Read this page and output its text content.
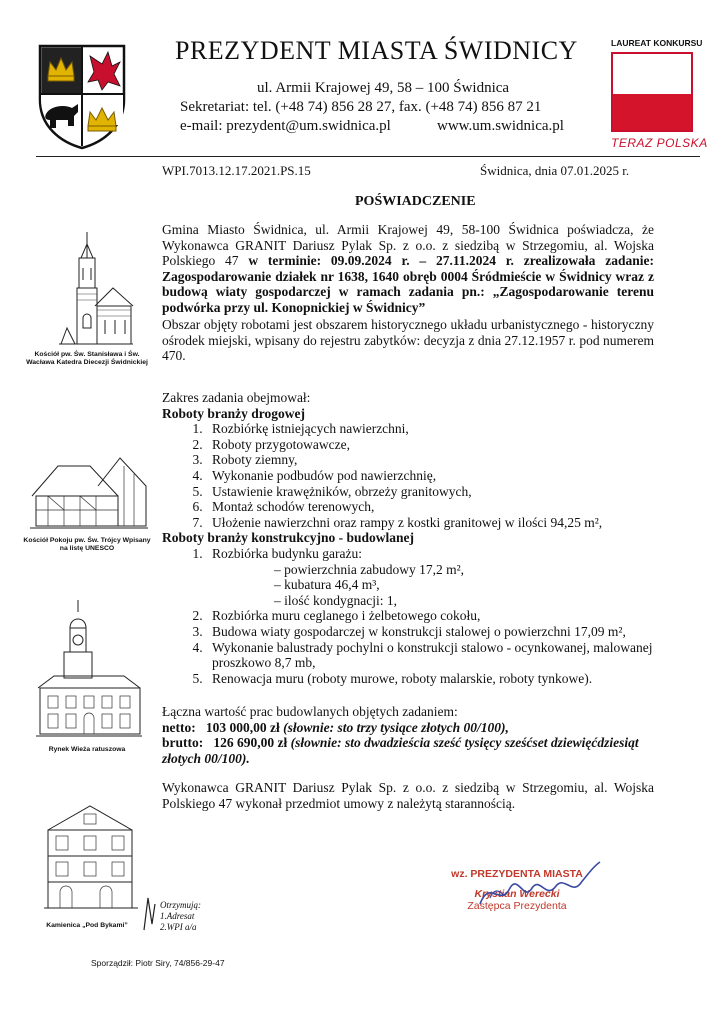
PREZYDENT MIASTA ŚWIDNICY
ul. Armii Krajowej 49, 58 – 100 Świdnica
Sekretariat: tel. (+48 74) 856 28 27, fax. (+48 74) 856 87 21
e-mail: prezydent@um.swidnica.pl	www.um.swidnica.pl
LAUREAT KONKURSU
TERAZ POLSKA
WPI.7013.12.17.2021.PS.15	Świdnica, dnia 07.01.2025 r.
POŚWIADCZENIE
Gmina Miasto Świdnica, ul. Armii Krajowej 49, 58-100 Świdnica poświadcza, że Wykonawca GRANIT Dariusz Pylak Sp. z o.o. z siedzibą w Strzegomiu, al. Wojska Polskiego 47 w terminie: 09.09.2024 r. – 27.11.2024 r. zrealizowała zadanie: Zagospodarowanie działek nr 1638, 1640 obręb 0004 Śródmieście w Świdnicy wraz z budową wiaty gospodarczej w ramach zadania pn.: „Zagospodarowanie terenu podwórka przy ul. Konopnickiej w Świdnicy”
Obszar objęty robotami jest obszarem historycznego układu urbanistycznego - historyczny ośrodek miejski, wpisany do rejestru zabytków: decyzja z dnia 27.12.1957 r. pod numerem 470.
Zakres zadania obejmował:
Roboty branży drogowej
1. Rozbiórkę istniejących nawierzchni,
2. Roboty przygotowawcze,
3. Roboty ziemny,
4. Wykonanie podbudów pod nawierzchnię,
5. Ustawienie krawężników, obrzeży granitowych,
6. Montaż schodów terenowych,
7. Ułożenie nawierzchni oraz rampy z kostki granitowej w ilości 94,25 m²,
Roboty branży konstrukcyjno - budowlanej
1. Rozbiórka budynku garażu:
– powierzchnia zabudowy 17,2 m²,
– kubatura 46,4 m³,
– ilość kondygnacji: 1,
2. Rozbiórka muru ceglanego i żelbetowego cokołu,
3. Budowa wiaty gospodarczej w konstrukcji stalowej o powierzchni 17,09 m²,
4. Wykonanie balustrady pochylni o konstrukcji stalowo - ocynkowanej, malowanej proszkowo 8,7 mb,
5. Renowacja muru (roboty murowe, roboty malarskie, roboty tynkowe).
Łączna wartość prac budowlanych objętych zadaniem:
netto: 103 000,00 zł (słownie: sto trzy tysiące złotych 00/100),
brutto: 126 690,00 zł (słownie: sto dwadzieścia sześć tysięcy sześćset dziewięćdziesiąt złotych 00/100).
Wykonawca GRANIT Dariusz Pylak Sp. z o.o. z siedzibą w Strzegomiu, al. Wojska Polskiego 47 wykonał przedmiot umowy z należytą starannością.
wz. PREZYDENTA MIASTA
Krystian Werecki
Zastępca Prezydenta
Kościół pw. Św. Stanisława i Św. Wacława Katedra Diecezji Świdnickiej
Kościół Pokoju pw. Św. Trójcy Wpisany na listę UNESCO
Rynek Wieża ratuszowa
Kamienica „Pod Bykami”
Otrzymują:
1.Adresat
2.WPI a/a
Sporządził: Piotr Siry, 74/856-29-47
